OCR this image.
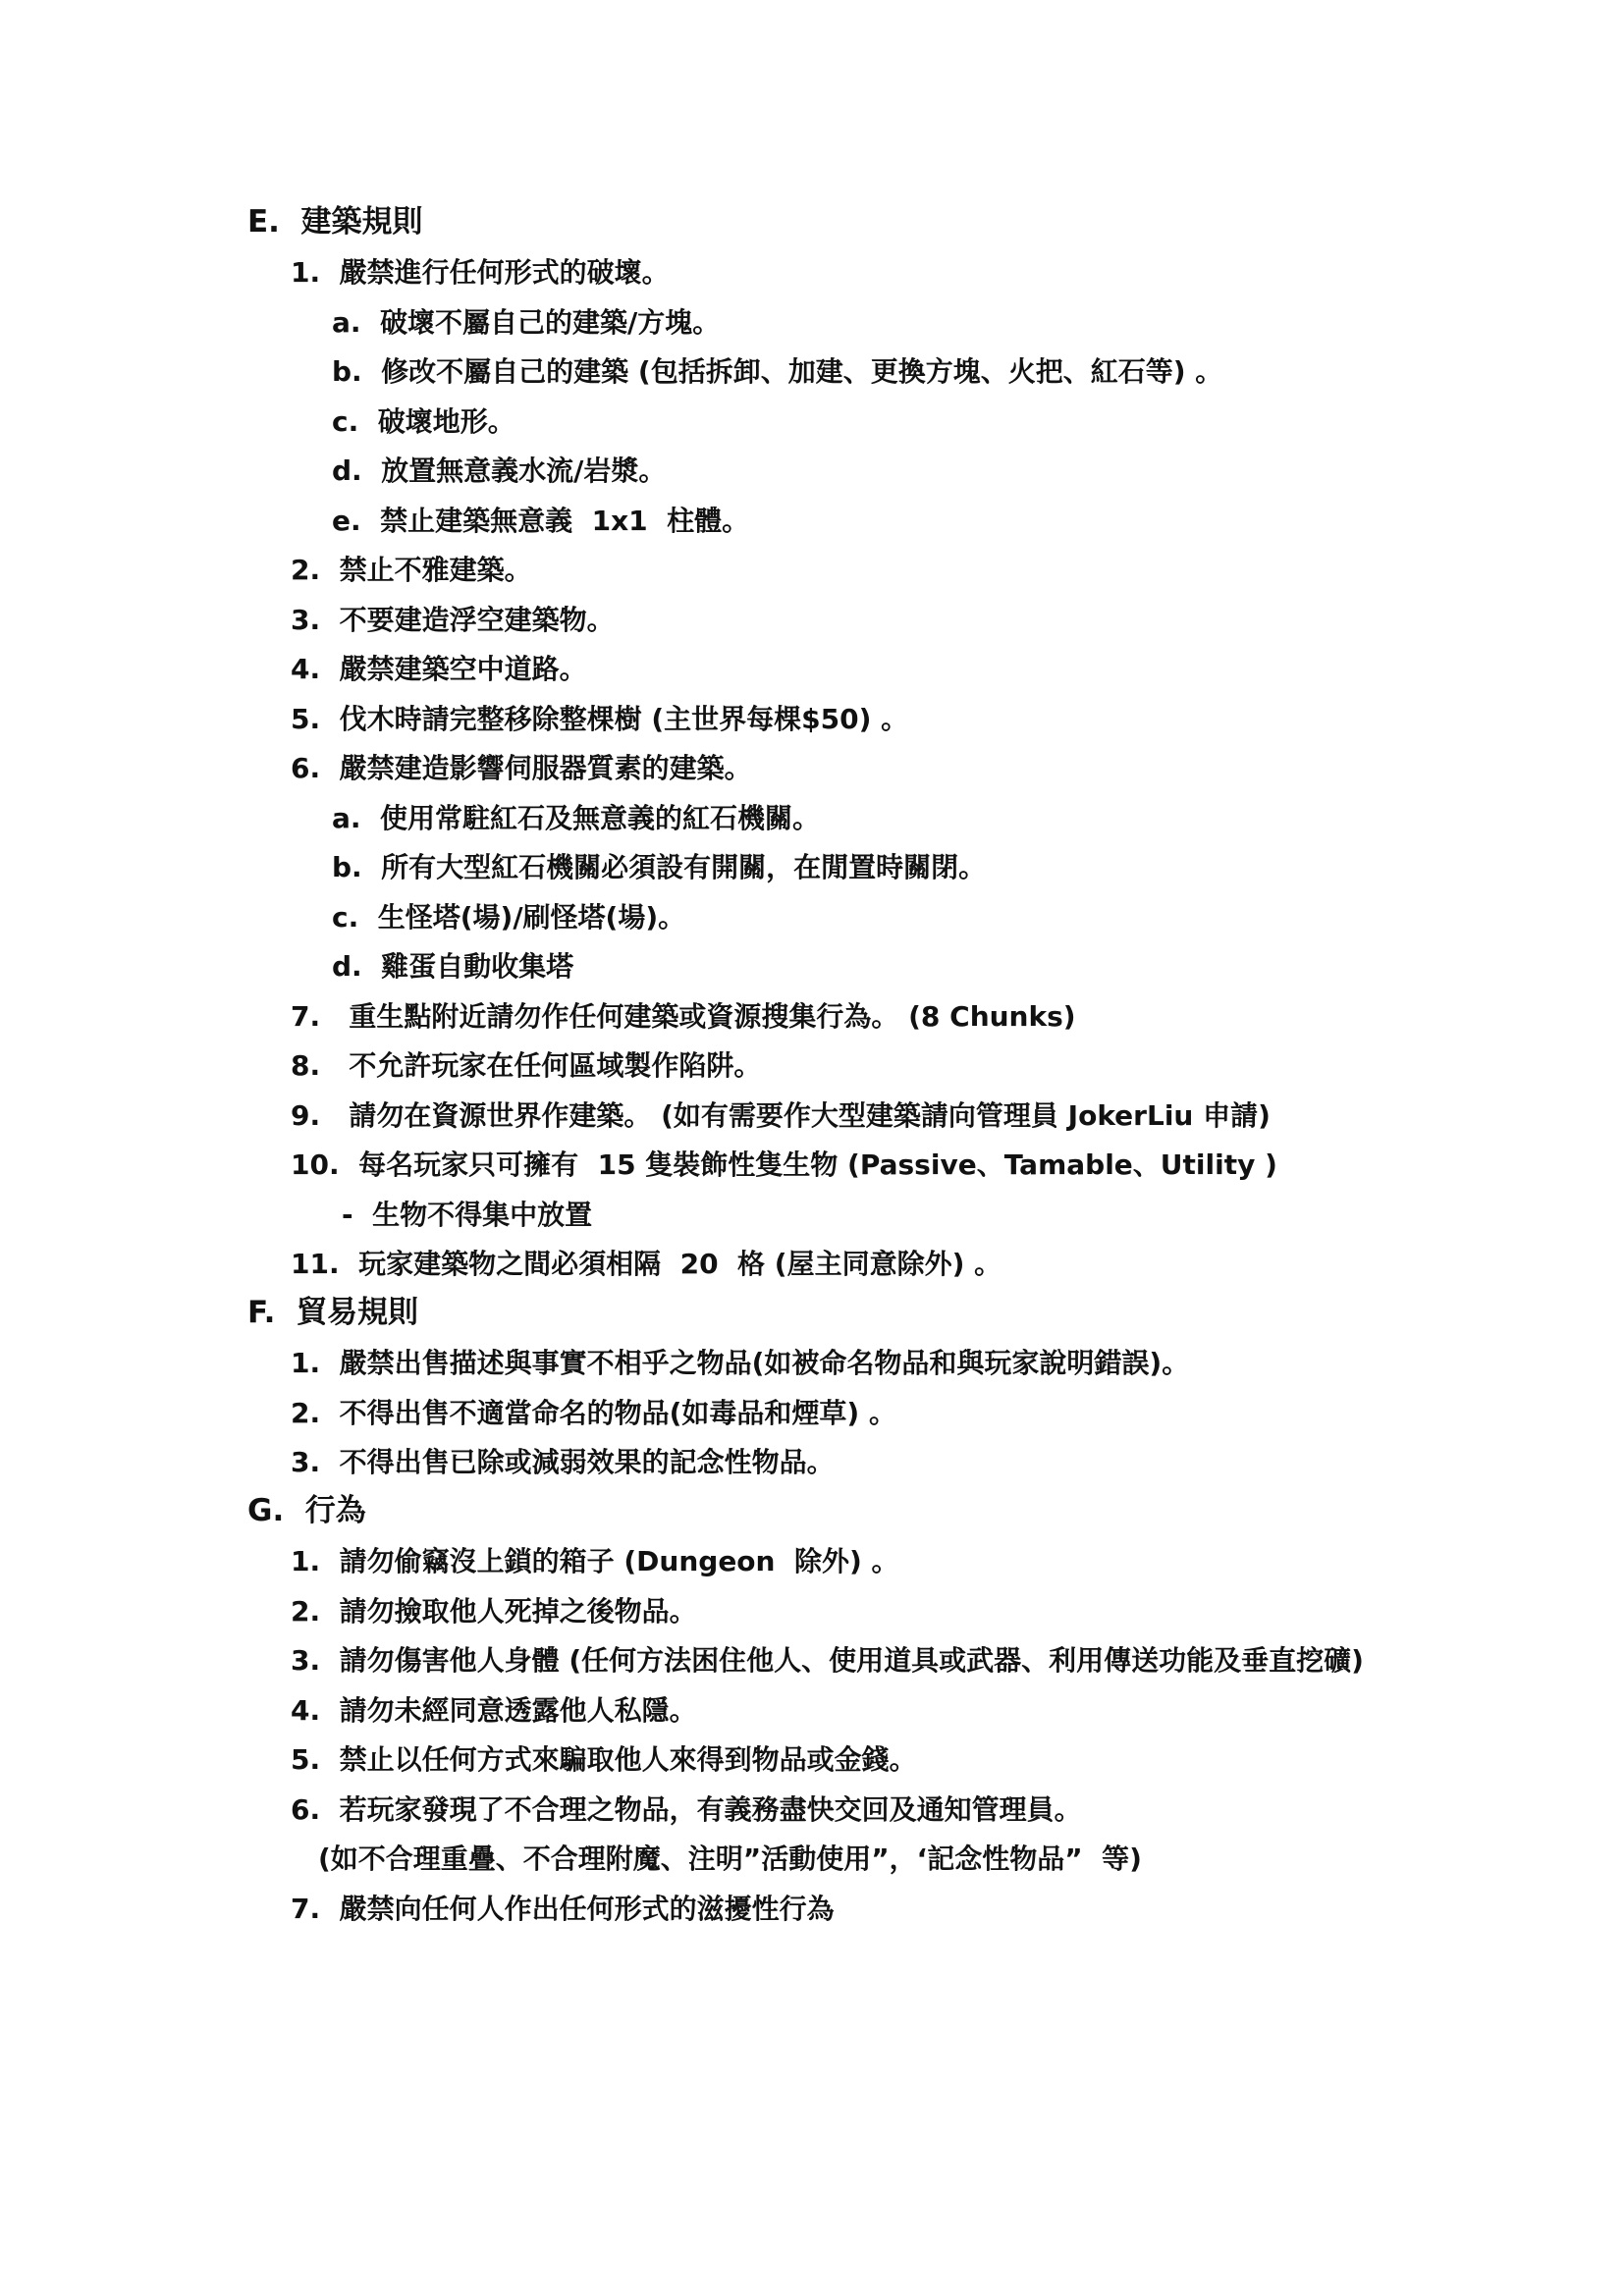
E.  建築規則
1.  嚴禁進行任何形式的破壞。
a.  破壞不屬自己的建築/方塊。
b.  修改不屬自己的建築 (包括拆卸、加建、更換方塊、火把、紅石等) 。
c.  破壞地形。
d.  放置無意義水流/岩漿。
e.  禁止建築無意義  1x1  柱體。
2.  禁止不雅建築。
3.  不要建造浮空建築物。
4.  嚴禁建築空中道路。
5.  伐木時請完整移除整棵樹 (主世界每棵$50) 。
6.  嚴禁建造影響伺服器質素的建築。
a.  使用常駐紅石及無意義的紅石機關。
b.  所有大型紅石機關必須設有開關，在閒置時關閉。
c.  生怪塔(場)/刷怪塔(場)。
d.  雞蛋自動收集塔
7.   重生點附近請勿作任何建築或資源搜集行為。 (8 Chunks)
8.   不允許玩家在任何區域製作陷阱。
9.   請勿在資源世界作建築。 (如有需要作大型建築請向管理員 JokerLiu 申請)
10.  每名玩家只可擁有  15 隻裝飾性隻生物 (Passive、Tamable、Utility )
-  生物不得集中放置
11.  玩家建築物之間必須相隔  20  格 (屋主同意除外) 。
F.  貿易規則
1.  嚴禁出售描述與事實不相乎之物品(如被命名物品和與玩家說明錯誤)。
2.  不得出售不適當命名的物品(如毒品和煙草) 。
3.  不得出售已除或減弱效果的記念性物品。
G.  行為
1.  請勿偷竊沒上鎖的箱子 (Dungeon  除外) 。
2.  請勿撿取他人死掉之後物品。
3.  請勿傷害他人身體 (任何方法困住他人、使用道具或武器、利用傳送功能及垂直挖礦)
4.  請勿未經同意透露他人私隱。
5.  禁止以任何方式來騙取他人來得到物品或金錢。
6.  若玩家發現了不合理之物品，有義務盡快交回及通知管理員。
(如不合理重疊、不合理附魔、注明”活動使用”，‘記念性物品”  等)
7.  嚴禁向任何人作出任何形式的滋擾性行為
